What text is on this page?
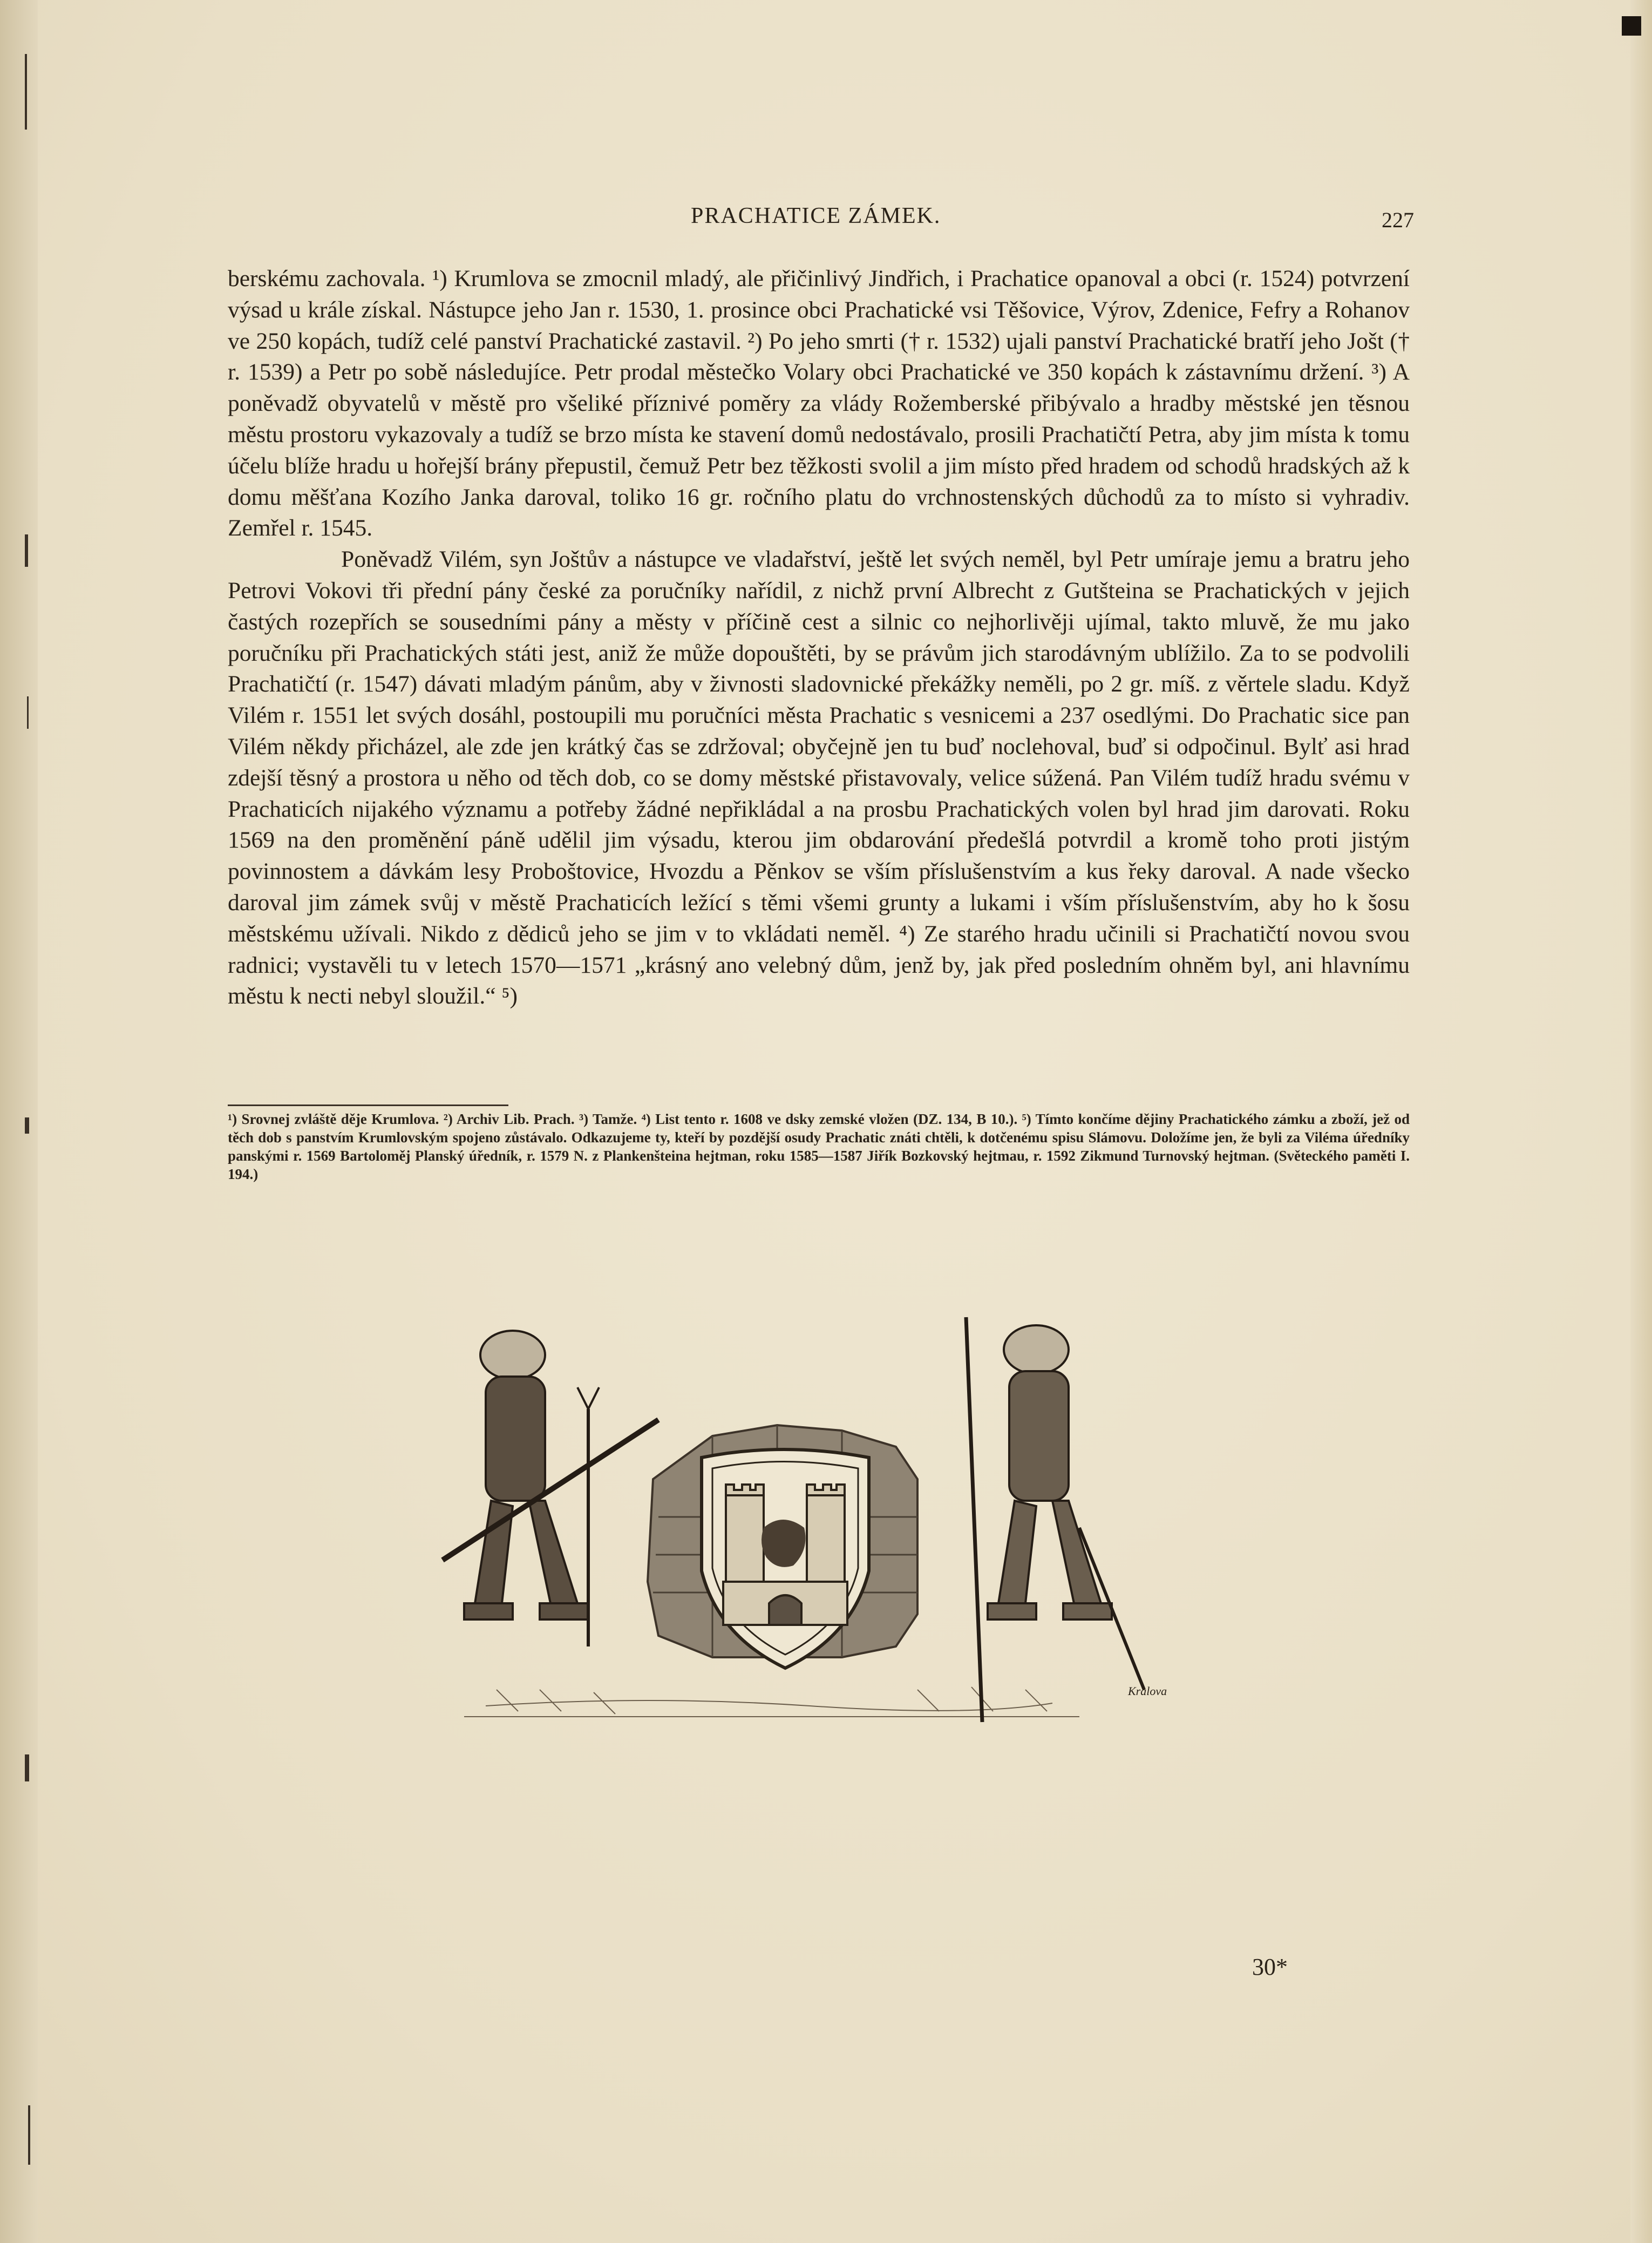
PRACHATICE ZÁMEK.	227

berskému zachovala. ¹) Krumlova se zmocnil mladý, ale přičinlivý Jindřich, i Prachatice opanoval a obci (r. 1524) potvrzení výsad u krále získal. Nástupce jeho Jan r. 1530, 1. prosince obci Prachatické vsi Těšovice, Výrov, Zdenice, Fefry a Rohanov ve 250 kopách, tudíž celé panství Prachatické zastavil. ²) Po jeho smrti († r. 1532) ujali panství Prachatické bratří jeho Jošt († r. 1539) a Petr po sobě následujíce. Petr prodal městečko Volary obci Prachatické ve 350 kopách k zástavnímu držení. ³) A poněvadž obyvatelů v městě pro všeliké příznivé poměry za vlády Rožemberské přibývalo a hradby městské jen těsnou městu prostoru vykazovaly a tudíž se brzo místa ke stavení domů nedostávalo, prosili Prachatičtí Petra, aby jim místa k tomu účelu blíže hradu u hořejší brány přepustil, čemuž Petr bez těžkosti svolil a jim místo před hradem od schodů hradských až k domu měšťana Kozího Janka daroval, toliko 16 gr. ročního platu do vrchnostenských důchodů za to místo si vyhradiv. Zemřel r. 1545.

Poněvadž Vilém, syn Joštův a nástupce ve vladařství, ještě let svých neměl, byl Petr umíraje jemu a bratru jeho Petrovi Vokovi tři přední pány české za poručníky nařídil, z nichž první Albrecht z Gutšteina se Prachatických v jejich častých rozepřích se sousedními pány a městy v příčině cest a silnic co nejhorlivěji ujímal, takto mluvě, že mu jako poručníku při Prachatických státi jest, aniž že může dopouštěti, by se právům jich starodávným ublížilo. Za to se podvolili Prachatičtí (r. 1547) dávati mladým pánům, aby v živnosti sladovnické překážky neměli, po 2 gr. míš. z věrtele sladu. Když Vilém r. 1551 let svých dosáhl, postoupili mu poručníci města Prachatic s vesnicemi a 237 osedlými. Do Prachatic sice pan Vilém někdy přicházel, ale zde jen krátký čas se zdržoval; obyčejně jen tu buď noclehoval, buď si odpočinul. Bylť asi hrad zdejší těsný a prostora u něho od těch dob, co se domy městské přistavovaly, velice súžená. Pan Vilém tudíž hradu svému v Prachaticích nijakého významu a potřeby žádné nepřikládal a na prosbu Prachatických volen byl hrad jim darovati. Roku 1569 na den proměnění páně udělil jim výsadu, kterou jim obdarování předešlá potvrdil a kromě toho proti jistým povinnostem a dávkám lesy Proboštovice, Hvozdu a Pěnkov se vším příslušenstvím a kus řeky daroval. A nade všecko daroval jim zámek svůj v městě Prachaticích ležící s těmi všemi grunty a lukami i vším příslušenstvím, aby ho k šosu městskému užívali. Nikdo z dědiců jeho se jim v to vkládati neměl. ⁴) Ze starého hradu učinili si Prachatičtí novou svou radnici; vystavěli tu v letech 1570—1571 „krásný ano velebný dům, jenž by, jak před posledním ohněm byl, ani hlavnímu městu k necti nebyl sloužil.“ ⁵)

¹) Srovnej zvláště děje Krumlova. ²) Archiv Lib. Prach. ³) Tamže. ⁴) List tento r. 1608 ve dsky zemské vložen (DZ. 134, B 10.). ⁵) Tímto končíme dějiny Prachatického zámku a zboží, jež od těch dob s panstvím Krumlovským spojeno zůstávalo. Odkazujeme ty, kteří by pozdější osudy Prachatic znáti chtěli, k dotčenému spisu Slámovu. Doložíme jen, že byli za Viléma úředníky panskými r. 1569 Bartoloměj Planský úředník, r. 1579 N. z Plankenšteina hejtman, roku 1585—1587 Jiřík Bozkovský hejtmau, r. 1592 Zikmund Turnovský hejtman. (Světeckého paměti I. 194.)
Kralova
30*
